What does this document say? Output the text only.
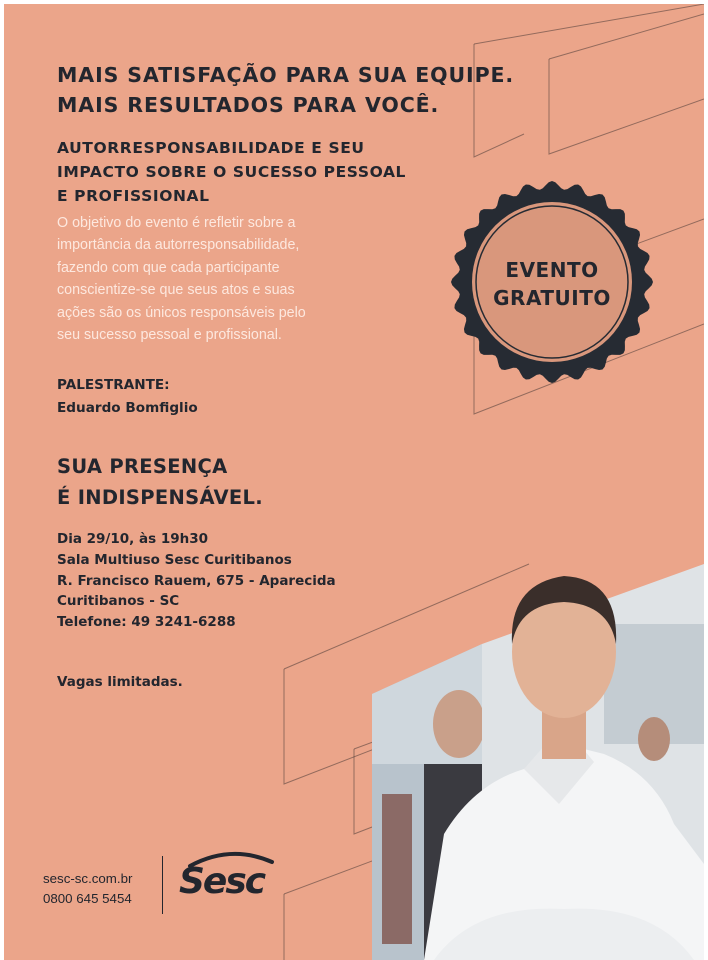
MAIS SATISFAÇÃO PARA SUA EQUIPE.
MAIS RESULTADOS PARA VOCÊ.
AUTORRESPONSABILIDADE E SEU
IMPACTO SOBRE O SUCESSO PESSOAL
E PROFISSIONAL

O objetivo do evento é refletir sobre a
importância da autorresponsabilidade,
fazendo com que cada participante
conscientize-se que seus atos e suas
ações são os únicos responsáveis pelo
seu sucesso pessoal e profissional.

PALESTRANTE:
Eduardo Bomfiglio
SUA PRESENÇA
É INDISPENSÁVEL.
Dia 29/10, às 19h30
Sala Multiuso Sesc Curitibanos
R. Francisco Rauem, 675 - Aparecida
Curitibanos - SC
Telefone: 49 3241-6288
Vagas limitadas.
EVENTO
GRATUITO
sesc-sc.com.br
0800 645 5454 Sesc
